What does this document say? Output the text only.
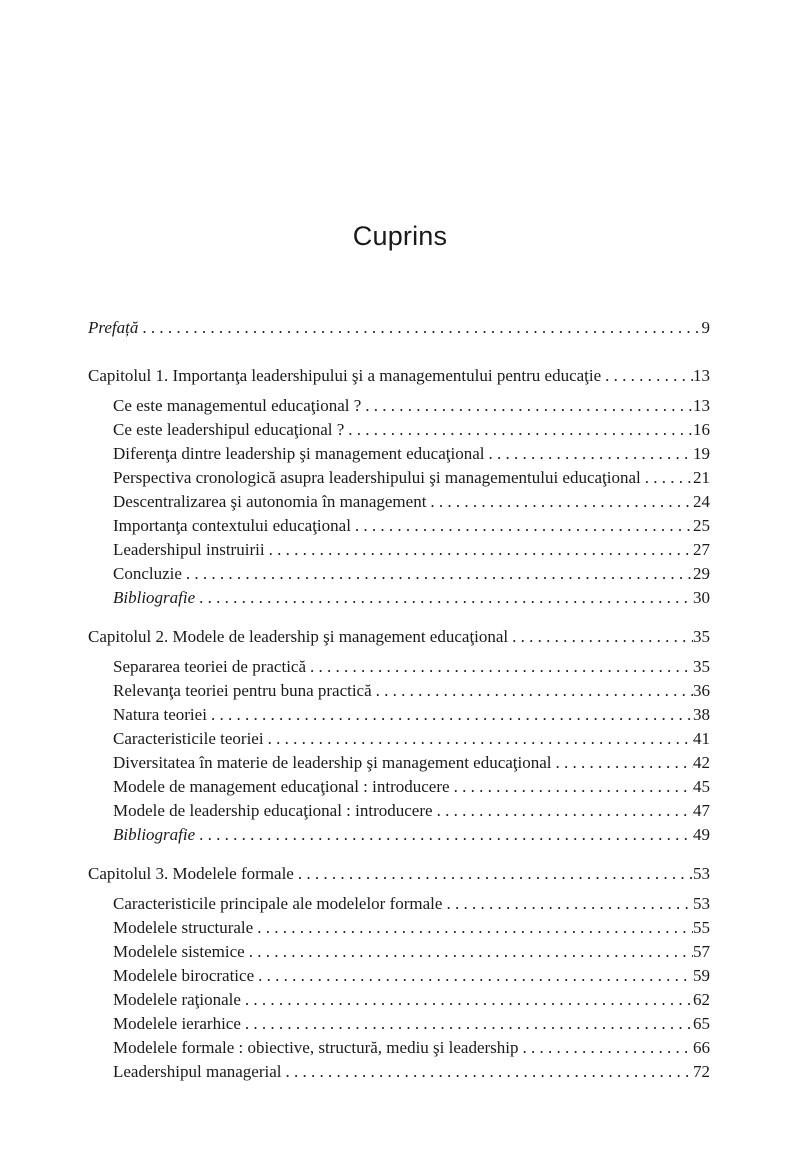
Cuprins
Prefață . . .	9
Capitolul 1. Importanţa leadershipului şi a managementului pentru educaţie . . .	13
Ce este managementul educaţional ? . . .	13
Ce este leadershipul educaţional ? . . .	16
Diferenţa dintre leadership şi management educaţional . . .	19
Perspectiva cronologică asupra leadershipului şi managementului educaţional . . .	21
Descentralizarea şi autonomia în management . . .	24
Importanţa contextului educaţional . . .	25
Leadershipul instruirii . . .	27
Concluzie . . .	29
Bibliografie . . .	30
Capitolul 2. Modele de leadership şi management educaţional . . .	35
Separarea teoriei de practică . . .	35
Relevanţa teoriei pentru buna practică . . .	36
Natura teoriei . . .	38
Caracteristicile teoriei . . .	41
Diversitatea în materie de leadership şi management educaţional . . .	42
Modele de management educaţional : introducere . . .	45
Modele de leadership educaţional : introducere . . .	47
Bibliografie . . .	49
Capitolul 3. Modelele formale . . .	53
Caracteristicile principale ale modelelor formale . . .	53
Modelele structurale . . .	55
Modelele sistemice . . .	57
Modelele birocratice . . .	59
Modelele raţionale . . .	62
Modelele ierarhice . . .	65
Modelele formale : obiective, structură, mediu şi leadership . . .	66
Leadershipul managerial . . .	72
